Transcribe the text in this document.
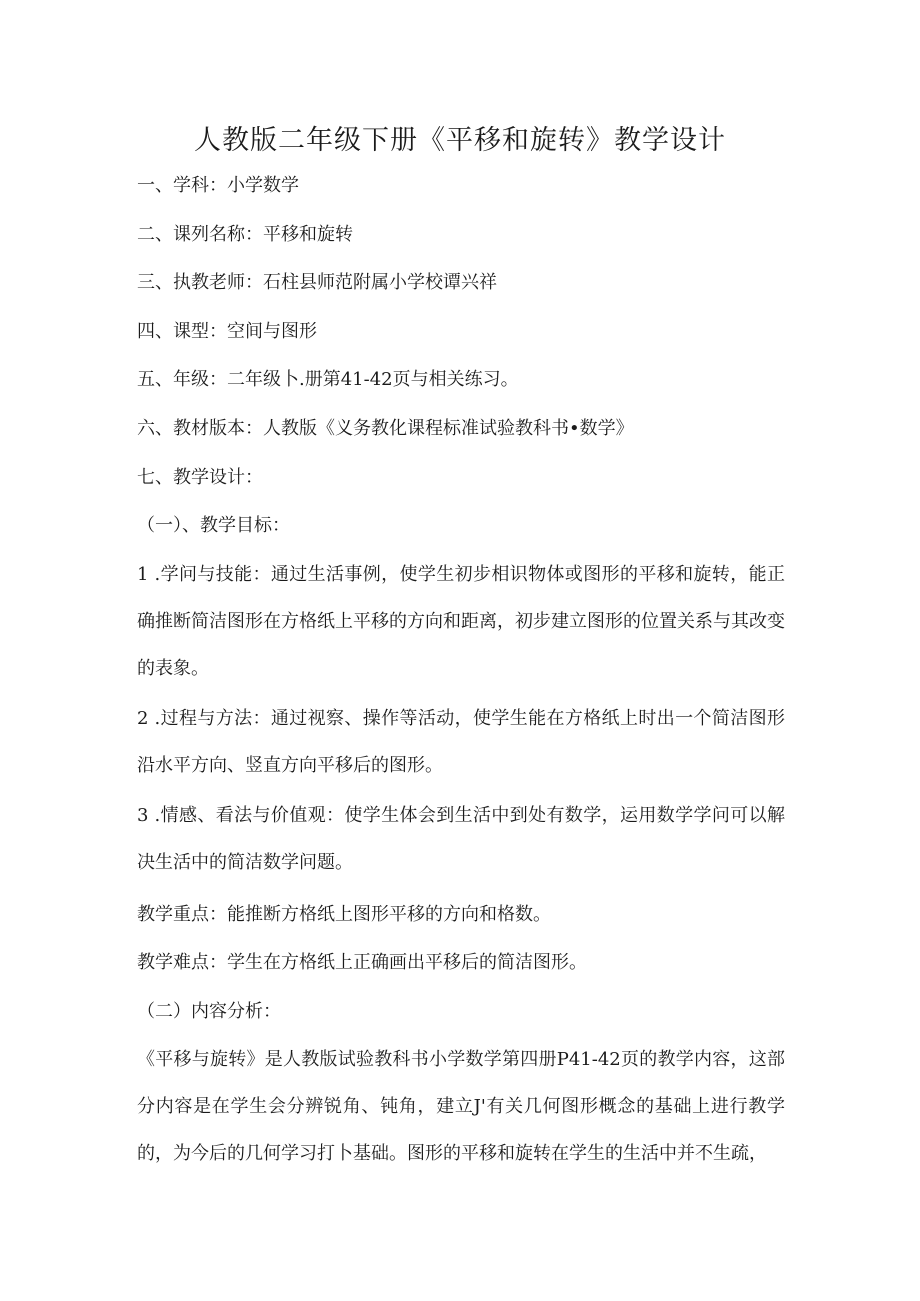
人教版二年级下册《平移和旋转》教学设计
一、学科：小学数学
二、课列名称：平移和旋转
三、执教老师：石柱县师范附属小学校谭兴祥
四、课型：空间与图形
五、年级：二年级卜.册第41-42页与相关练习。
六、教材版本：人教版《义务教化课程标准试验教科书•数学》
七、教学设计：
（一）、教学目标：
1 .学问与技能：通过生活事例，使学生初步相识物体或图形的平移和旋转，能正确推断简洁图形在方格纸上平移的方向和距离，初步建立图形的位置关系与其改变的表象。
2 .过程与方法：通过视察、操作等活动，使学生能在方格纸上时出一个简洁图形沿水平方向、竖直方向平移后的图形。
3 .情感、看法与价值观：使学生体会到生活中到处有数学，运用数学学问可以解决生活中的简洁数学问题。
教学重点：能推断方格纸上图形平移的方向和格数。
教学难点：学生在方格纸上正确画出平移后的简洁图形。
（二）内容分析：
《平移与旋转》是人教版试验教科书小学数学第四册P41-42页的教学内容，这部分内容是在学生会分辨锐角、钝角，建立J'有关几何图形概念的基础上进行教学的，为今后的几何学习打卜基础。图形的平移和旋转在学生的生活中并不生疏，
